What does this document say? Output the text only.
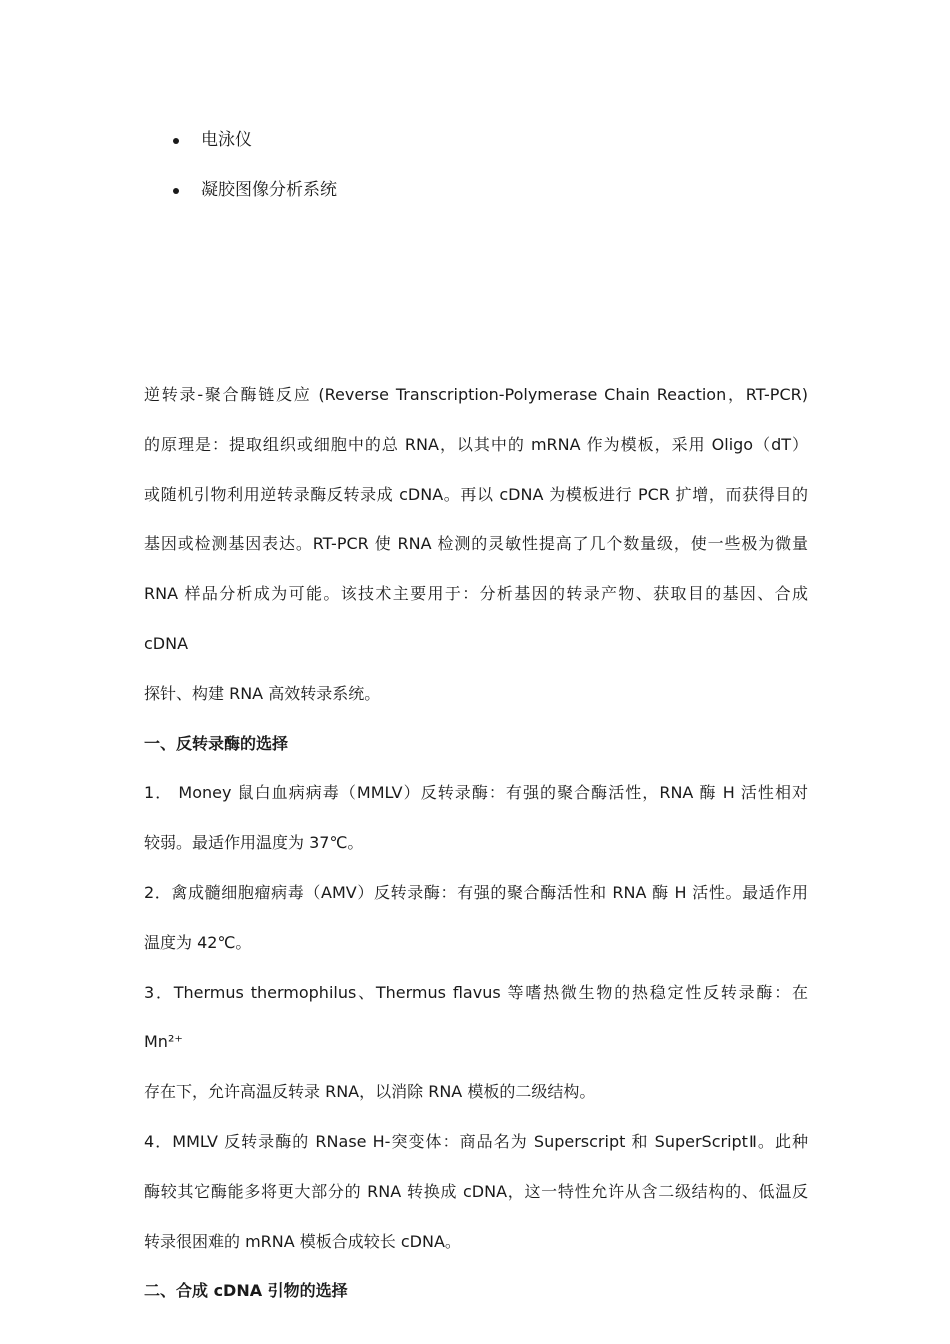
电泳仪
凝胶图像分析系统

逆转录-聚合酶链反应 (Reverse Transcription-Polymerase Chain Reaction，RT-PCR)
的原理是：提取组织或细胞中的总 RNA，以其中的 mRNA 作为模板，采用 Oligo（dT）
或随机引物利用逆转录酶反转录成 cDNA。再以 cDNA 为模板进行 PCR 扩增，而获得目的
基因或检测基因表达。RT-PCR 使 RNA 检测的灵敏性提高了几个数量级，使一些极为微量
RNA 样品分析成为可能。该技术主要用于：分析基因的转录产物、获取目的基因、合成 cDNA
探针、构建 RNA 高效转录系统。

一、反转录酶的选择

1． Money 鼠白血病病毒（MMLV）反转录酶：有强的聚合酶活性，RNA 酶 H 活性相对
较弱。最适作用温度为 37℃。

2．禽成髓细胞瘤病毒（AMV）反转录酶：有强的聚合酶活性和 RNA 酶 H 活性。最适作用
温度为 42℃。

3．Thermus thermophilus、Thermus flavus 等嗜热微生物的热稳定性反转录酶：在 Mn²⁺
存在下，允许高温反转录 RNA，以消除 RNA 模板的二级结构。

4．MMLV 反转录酶的 RNase H-突变体：商品名为 Superscript 和 SuperScriptⅡ。此种
酶较其它酶能多将更大部分的 RNA 转换成 cDNA，这一特性允许从含二级结构的、低温反
转录很困难的 mRNA 模板合成较长 cDNA。

二、合成 cDNA 引物的选择
